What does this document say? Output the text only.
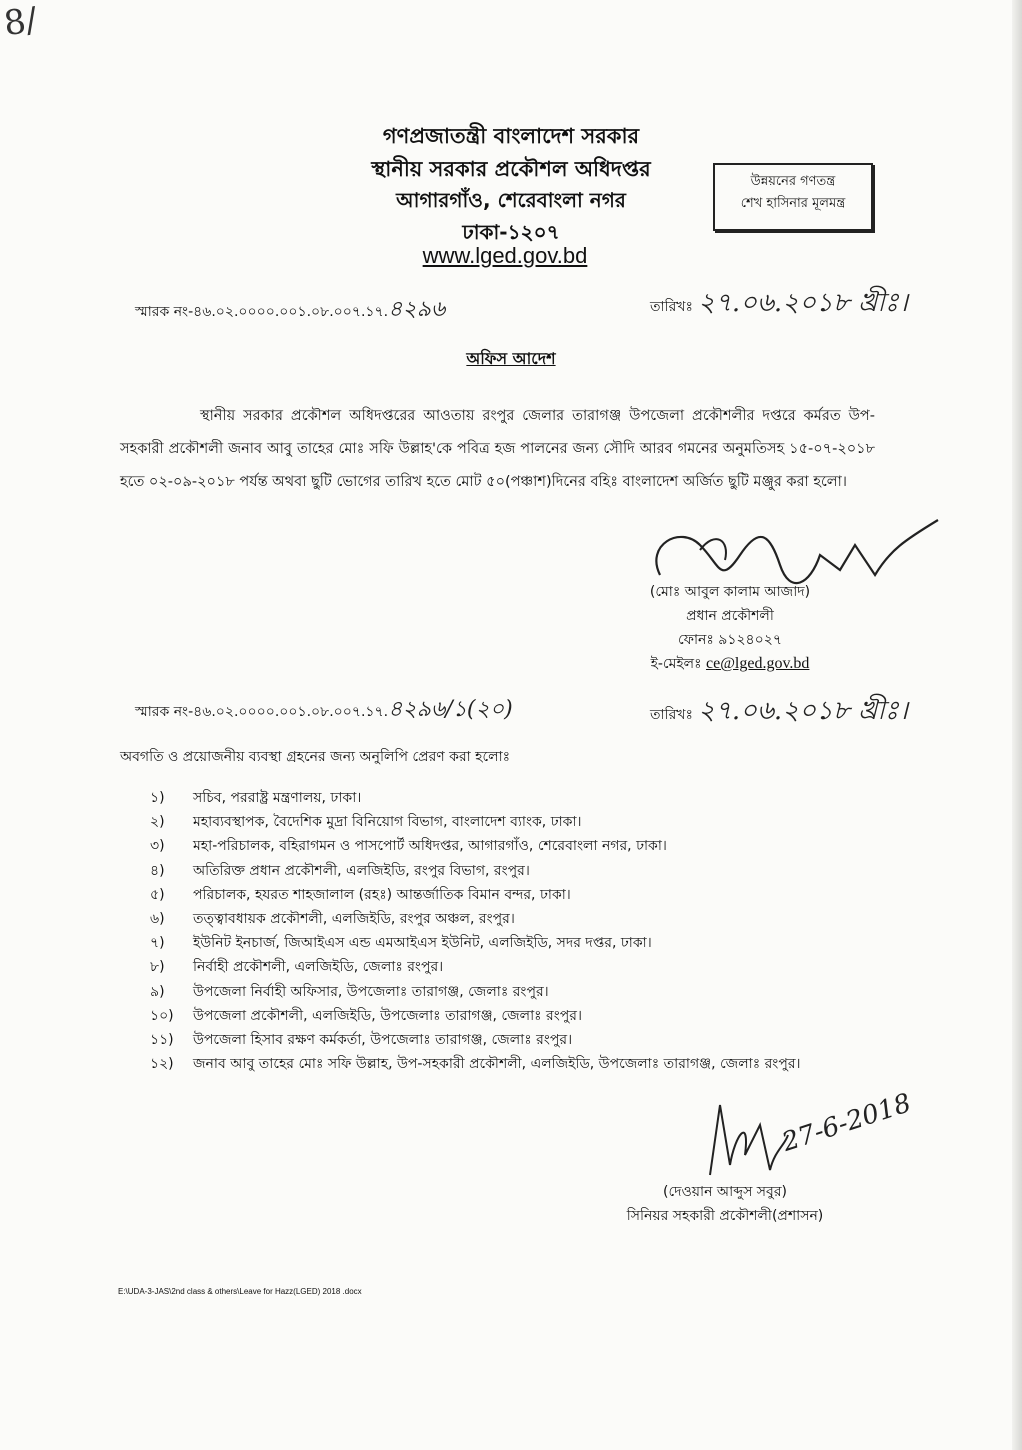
8/
গণপ্রজাতন্ত্রী বাংলাদেশ সরকার
স্থানীয় সরকার প্রকৌশল অধিদপ্তর
আগারগাঁও, শেরেবাংলা নগর
ঢাকা-১২০৭
www.lged.gov.bd
উন্নয়নের গণতন্ত্র
শেখ হাসিনার মূলমন্ত্র
স্মারক নং-৪৬.০২.০০০০.০০১.০৮.০০৭.১৭.৪২৯৬	তারিখঃ ২৭.০৬.২০১৮ খ্রীঃ।
অফিস আদেশ
স্থানীয় সরকার প্রকৌশল অধিদপ্তরের আওতায় রংপুর জেলার তারাগঞ্জ উপজেলা প্রকৌশলীর দপ্তরে কর্মরত উপ-সহকারী প্রকৌশলী জনাব আবু তাহের মোঃ সফি উল্লাহ'কে পবিত্র হজ পালনের জন্য সৌদি আরব গমনের অনুমতিসহ ১৫-০৭-২০১৮ হতে ০২-০৯-২০১৮ পর্যন্ত অথবা ছুটি ভোগের তারিখ হতে মোট ৫০(পঞ্চাশ)দিনের বহিঃ বাংলাদেশ অর্জিত ছুটি মঞ্জুর করা হলো।
(মোঃ আবুল কালাম আজাদ)
প্রধান প্রকৌশলী
ফোনঃ ৯১২৪০২৭
ই-মেইলঃ ce@lged.gov.bd
স্মারক নং-৪৬.০২.০০০০.০০১.০৮.০০৭.১৭.৪২৯৬/১(২০)	তারিখঃ ২৭.০৬.২০১৮ খ্রীঃ।
অবগতি ও প্রয়োজনীয় ব্যবস্থা গ্রহনের জন্য অনুলিপি প্রেরণ করা হলোঃ
১)	সচিব, পররাষ্ট্র মন্ত্রণালয়, ঢাকা।
২)	মহাব্যবস্থাপক, বৈদেশিক মুদ্রা বিনিয়োগ বিভাগ, বাংলাদেশ ব্যাংক, ঢাকা।
৩)	মহা-পরিচালক, বহিরাগমন ও পাসপোর্ট অধিদপ্তর, আগারগাঁও, শেরেবাংলা নগর, ঢাকা।
৪)	অতিরিক্ত প্রধান প্রকৌশলী, এলজিইডি, রংপুর বিভাগ, রংপুর।
৫)	পরিচালক, হযরত শাহজালাল (রহঃ) আন্তর্জাতিক বিমান বন্দর, ঢাকা।
৬)	তত্ত্বাবধায়ক প্রকৌশলী, এলজিইডি, রংপুর অঞ্চল, রংপুর।
৭)	ইউনিট ইনচার্জ, জিআইএস এন্ড এমআইএস ইউনিট, এলজিইডি, সদর দপ্তর, ঢাকা।
৮)	নির্বাহী প্রকৌশলী, এলজিইডি, জেলাঃ রংপুর।
৯)	উপজেলা নির্বাহী অফিসার, উপজেলাঃ তারাগঞ্জ, জেলাঃ রংপুর।
১০)	উপজেলা প্রকৌশলী, এলজিইডি, উপজেলাঃ তারাগঞ্জ, জেলাঃ রংপুর।
১১)	উপজেলা হিসাব রক্ষণ কর্মকর্তা, উপজেলাঃ তারাগঞ্জ, জেলাঃ রংপুর।
১২)	জনাব আবু তাহের মোঃ সফি উল্লাহ, উপ-সহকারী প্রকৌশলী, এলজিইডি, উপজেলাঃ তারাগঞ্জ, জেলাঃ রংপুর।
27-6-2018
(দেওয়ান আব্দুস সবুর)
সিনিয়র সহকারী প্রকৌশলী(প্রশাসন)
E:\UDA-3-JAS\2nd class & others\Leave for Hazz(LGED) 2018 .docx
